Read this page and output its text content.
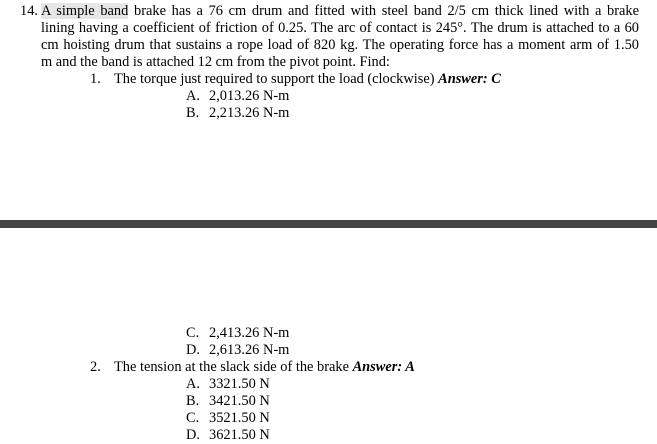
14. A simple band brake has a 76 cm drum and fitted with steel band 2/5 cm thick lined with a brake
lining having a coefficient of friction of 0.25. The arc of contact is 245°. The drum is attached to a 60
cm hoisting drum that sustains a rope load of 820 kg. The operating force has a moment arm of 1.50
m and the band is attached 12 cm from the pivot point. Find:
1. The torque just required to support the load (clockwise) Answer: C
A. 2,013.26 N-m
B. 2,213.26 N-m
C. 2,413.26 N-m
D. 2,613.26 N-m
2. The tension at the slack side of the brake Answer: A
A. 3321.50 N
B. 3421.50 N
C. 3521.50 N
D. 3621.50 N
